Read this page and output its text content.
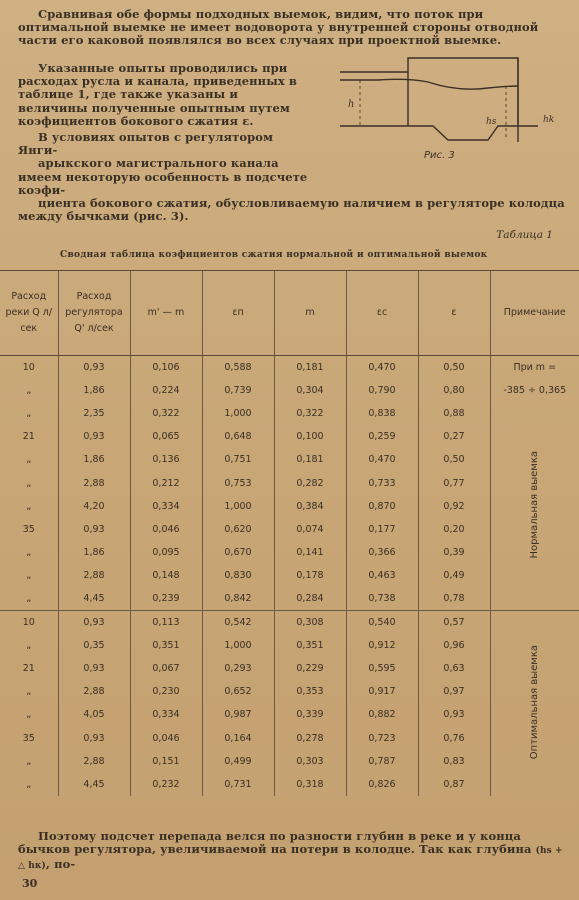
Сравнивая обе формы подходных выемок, видим, что поток при оптимальной выемке не имеет водоворота у внутренней стороны отводной части его каковой появлялся во всех случаях при проектной выемке.
Указанные опыты проводились при расходах русла и канала, приведенных в таблице 1, где также указаны и величины полученные опытным путем коэфициентов бокового сжатия ε.
В условиях опытов с регулятором Янги-
арыкского магистрального канала имеем некоторую особенность в подсчете коэфи-
циента бокового сжатия, обусловливаемую наличием в регуляторе колодца между бычками (рис. 3).
h
hs	hk
Рис. 3
Таблица 1
Сводная таблица коэфициентов сжатия нормальной и оптимальной выемок
Расход реки Q л/сек	Расход регулятора Q' л/сек	m' — m	εп	m	εс	ε	Примечание
10	0,93	0,106	0,588	0,181	0,470	0,50	При m =
„	1,86	0,224	0,739	0,304	0,790	0,80	-385 ÷ 0,365
„	2,35	0,322	1,000	0,322	0,838	0,88	Нормальная выемка
21	0,93	0,065	0,648	0,100	0,259	0,27	
„	1,86	0,136	0,751	0,181	0,470	0,50	
„	2,88	0,212	0,753	0,282	0,733	0,77	
„	4,20	0,334	1,000	0,384	0,870	0,92	
35	0,93	0,046	0,620	0,074	0,177	0,20	
„	1,86	0,095	0,670	0,141	0,366	0,39	
„	2,88	0,148	0,830	0,178	0,463	0,49	
„	4,45	0,239	0,842	0,284	0,738	0,78	
10	0,93	0,113	0,542	0,308	0,540	0,57	Оптимальная выемка
„	0,35	0,351	1,000	0,351	0,912	0,96	
21	0,93	0,067	0,293	0,229	0,595	0,63	
„	2,88	0,230	0,652	0,353	0,917	0,97	
„	4,05	0,334	0,987	0,339	0,882	0,93	
35	0,93	0,046	0,164	0,278	0,723	0,76	
„	2,88	0,151	0,499	0,303	0,787	0,83	
„	4,45	0,232	0,731	0,318	0,826	0,87	
Поэтому подсчет перепада велся по разности глубин в реке и у конца бычков регулятора, увеличиваемой на потери в колодце. Так как глубина (hs + △ hк), по-
30
